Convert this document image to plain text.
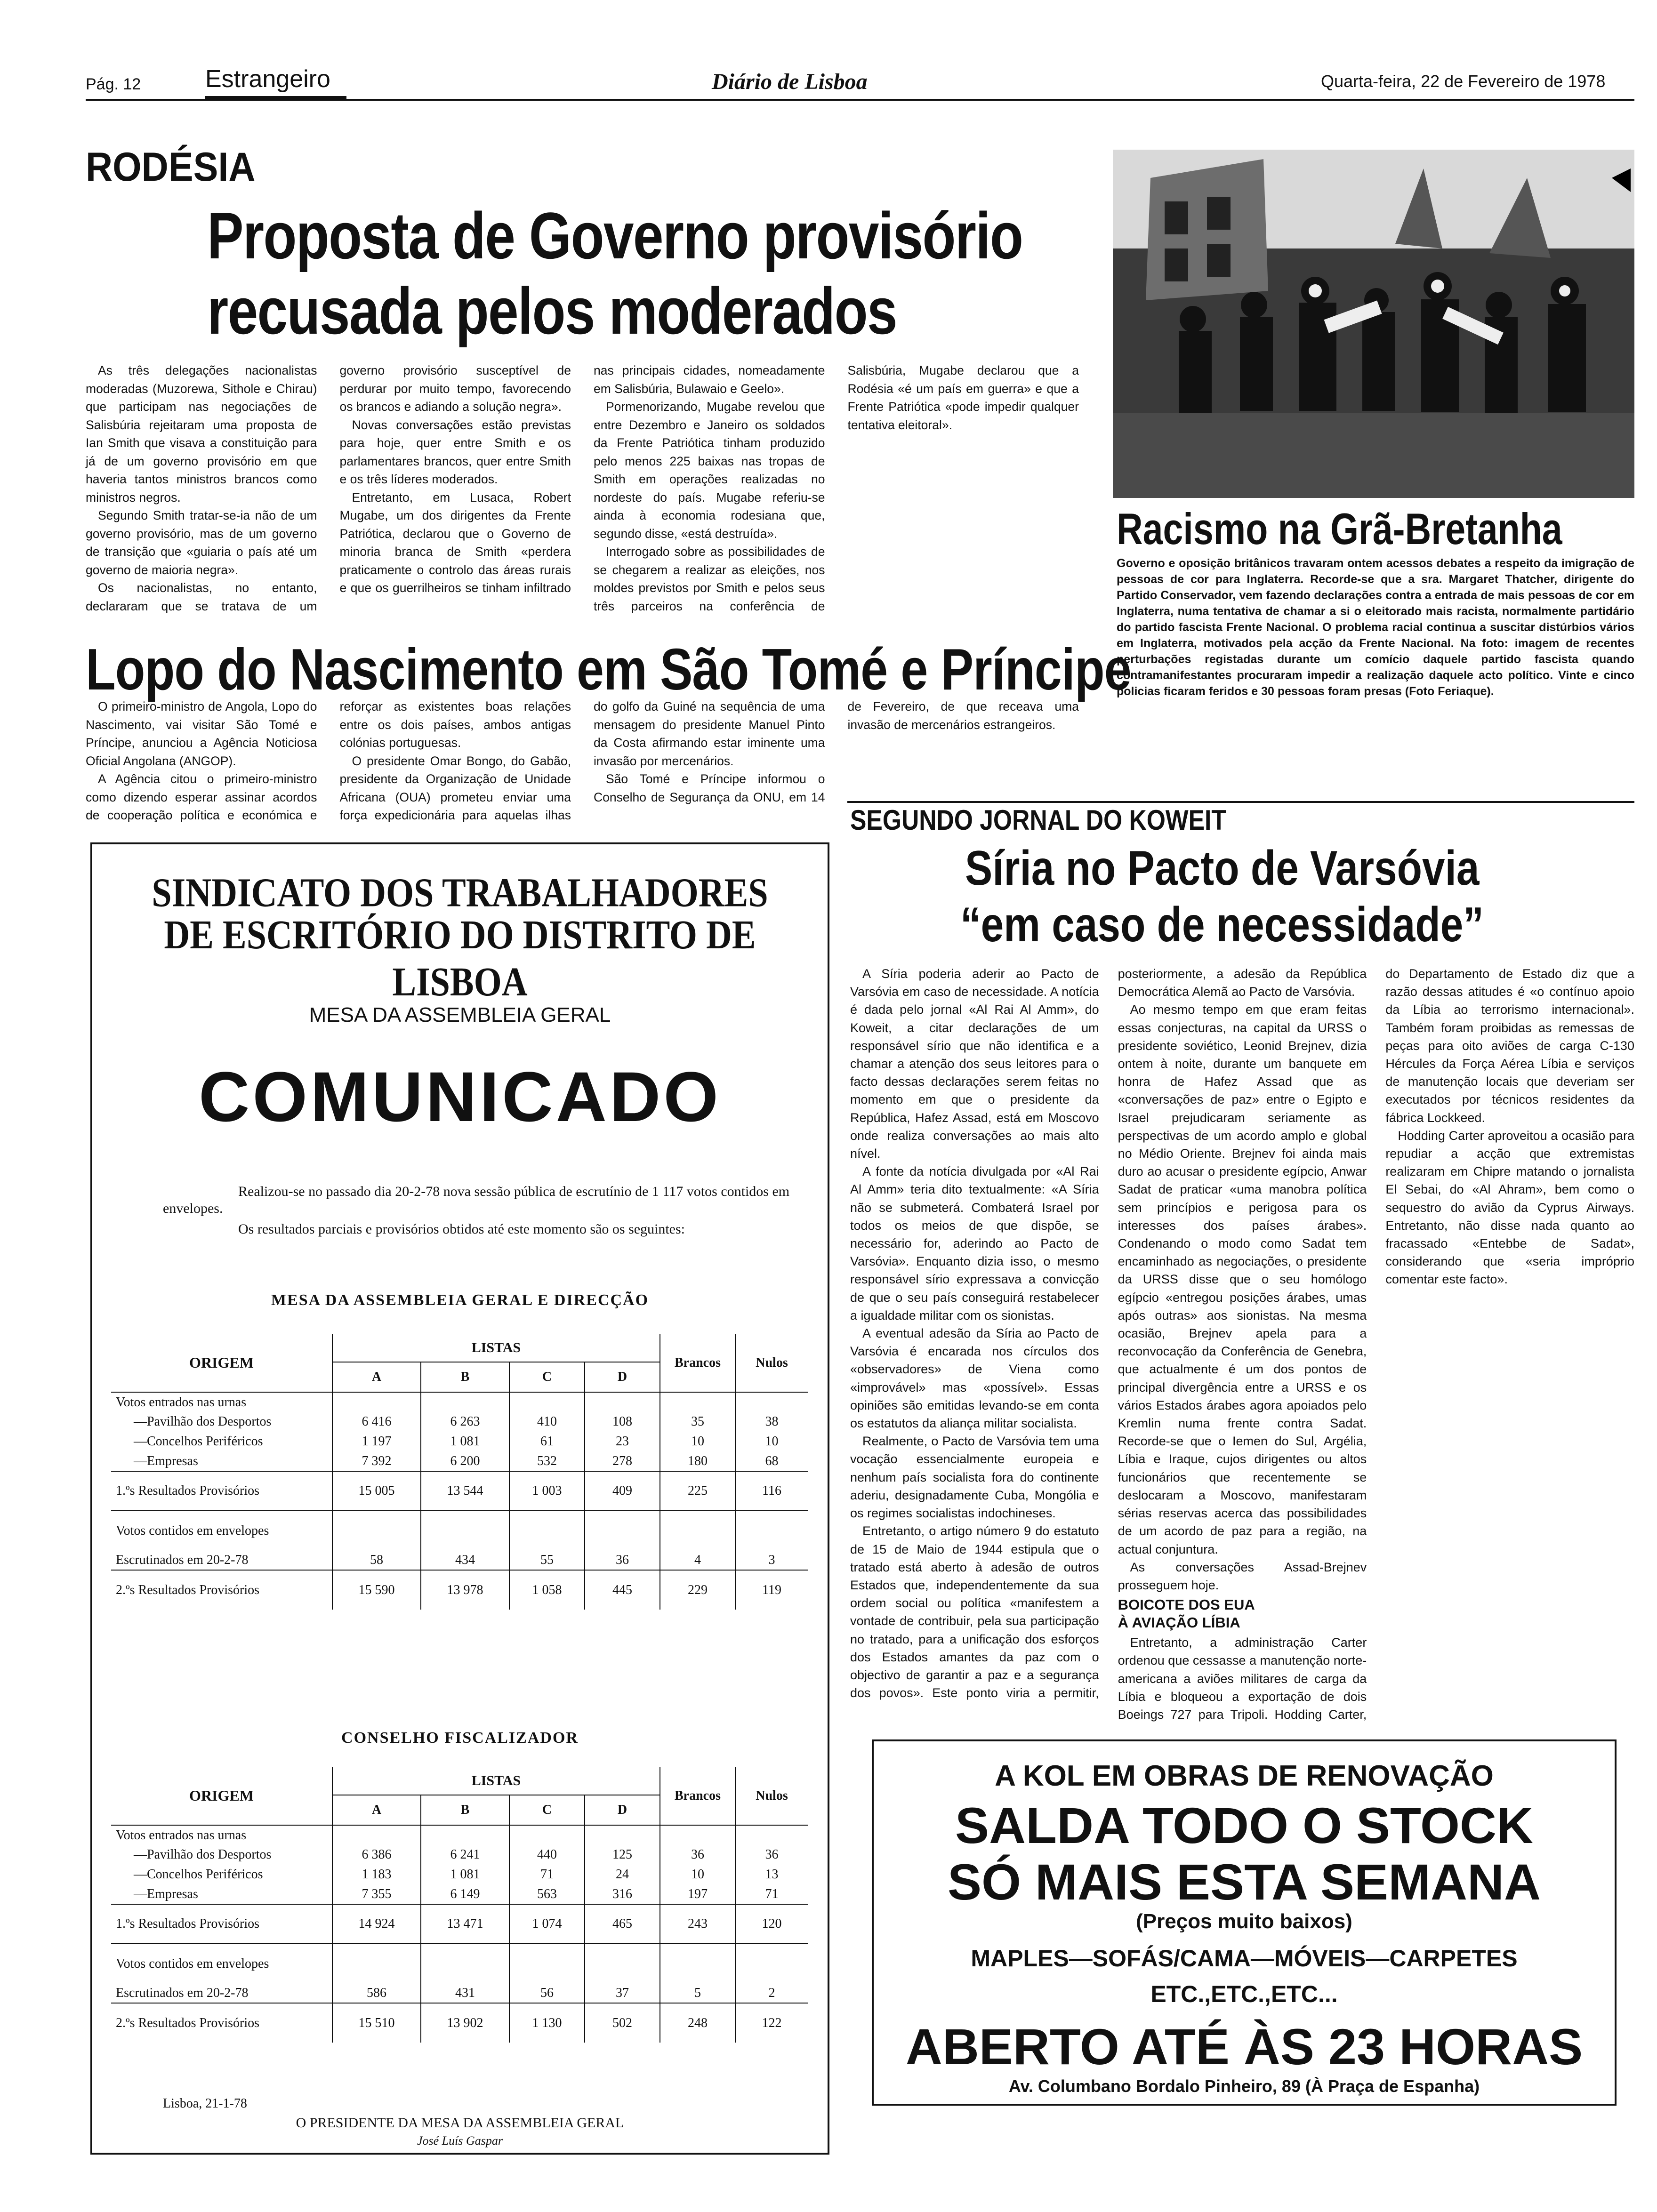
Pág. 12	Estrangeiro	Diário de Lisboa	Quarta-feira, 22 de Fevereiro de 1978
RODÉSIA
Proposta de Governo provisório
recusada pelos moderados

As três delegações nacionalistas moderadas (Muzorewa, Sithole e Chirau) que participam nas negociações de Salisbúria rejeitaram uma proposta de Ian Smith que visava a constituição para já de um governo provisório em que haveria tantos ministros brancos como ministros negros.

Segundo Smith tratar-se-ia não de um governo provisório, mas de um governo de transição que «guiaria o país até um governo de maioria negra».

Os nacionalistas, no entanto, declararam que se tratava de um governo provisório susceptível de perdurar por muito tempo, favorecendo os brancos e adiando a solução negra».

Novas conversações estão previstas para hoje, quer entre Smith e os parlamentares brancos, quer entre Smith e os três líderes moderados.

Entretanto, em Lusaca, Robert Mugabe, um dos dirigentes da Frente Patriótica, declarou que o Governo de minoria branca de Smith «perdera praticamente o controlo das áreas rurais e que os guerrilheiros se tinham infiltrado nas principais cidades, nomeadamente em Salisbúria, Bulawaio e Geelo».

Pormenorizando, Mugabe revelou que entre Dezembro e Janeiro os soldados da Frente Patriótica tinham produzido pelo menos 225 baixas nas tropas de Smith em operações realizadas no nordeste do país. Mugabe referiu-se ainda à economia rodesiana que, segundo disse, «está destruída».

Interrogado sobre as possibilidades de se chegarem a realizar as eleições, nos moldes previstos por Smith e pelos seus três parceiros na conferência de Salisbúria, Mugabe declarou que a Rodésia «é um país em guerra» e que a Frente Patriótica «pode impedir qualquer tentativa eleitoral».

Racismo na Grã-Bretanha
Governo e oposição britânicos travaram ontem acessos debates a respeito da imigração de pessoas de cor para Inglaterra. Recorde-se que a sra. Margaret Thatcher, dirigente do Partido Conservador, vem fazendo declarações contra a entrada de mais pessoas de cor em Inglaterra, numa tentativa de chamar a si o eleitorado mais racista, normalmente partidário do partido fascista Frente Nacional. O problema racial continua a suscitar distúrbios vários em Inglaterra, motivados pela acção da Frente Nacional. Na foto: imagem de recentes perturbações registadas durante um comício daquele partido fascista quando contramanifestantes procuraram impedir a realização daquele acto político. Vinte e cinco policias ficaram feridos e 30 pessoas foram presas (Foto Feriaque).
Lopo do Nascimento em São Tomé e Príncipe

O primeiro-ministro de Angola, Lopo do Nascimento, vai visitar São Tomé e Príncipe, anunciou a Agência Noticiosa Oficial Angolana (ANGOP).

A Agência citou o primeiro-ministro como dizendo esperar assinar acordos de cooperação política e económica e reforçar as existentes boas relações entre os dois países, ambos antigas colónias portuguesas.

O presidente Omar Bongo, do Gabão, presidente da Organização de Unidade Africana (OUA) prometeu enviar uma força expedicionária para aquelas ilhas do golfo da Guiné na sequência de uma mensagem do presidente Manuel Pinto da Costa afirmando estar iminente uma invasão por mercenários.

São Tomé e Príncipe informou o Conselho de Segurança da ONU, em 14 de Fevereiro, de que receava uma invasão de mercenários estrangeiros.

SINDICATO DOS TRABALHADORES
DE ESCRITÓRIO DO DISTRITO DE LISBOA
MESA DA ASSEMBLEIA GERAL
COMUNICADO
Realizou-se no passado dia 20-2-78 nova sessão pública de escrutínio de 1 117 votos contidos em envelopes.
Os resultados parciais e provisórios obtidos até este momento são os seguintes:
MESA DA ASSEMBLEIA GERAL E DIRECÇÃO
ORIGEM	LISTAS				Brancos	Nulos
	A	B	C	D		
Votos entrados nas urnas						
—Pavilhão dos Desportos	6 416	6 263	410	108	35	38
—Concelhos Periféricos	1 197	1 081	61	23	10	10
—Empresas	7 392	6 200	532	278	180	68
1.ºs Resultados Provisórios	15 005	13 544	1 003	409	225	116
Votos contidos em envelopes						
Escrutinados em 20-2-78	58	434	55	36	4	3
2.ºs Resultados Provisórios	15 590	13 978	1 058	445	229	119
CONSELHO FISCALIZADOR
ORIGEM	LISTAS				Brancos	Nulos
	A	B	C	D		
Votos entrados nas urnas						
—Pavilhão dos Desportos	6 386	6 241	440	125	36	36
—Concelhos Periféricos	1 183	1 081	71	24	10	13
—Empresas	7 355	6 149	563	316	197	71
1.ºs Resultados Provisórios	14 924	13 471	1 074	465	243	120
Votos contidos em envelopes						
Escrutinados em 20-2-78	586	431	56	37	5	2
2.ºs Resultados Provisórios	15 510	13 902	1 130	502	248	122
Lisboa, 21-1-78
O PRESIDENTE DA MESA DA ASSEMBLEIA GERAL
José Luís Gaspar
SEGUNDO JORNAL DO KOWEIT
Síria no Pacto de Varsóvia
“em caso de necessidade”

A Síria poderia aderir ao Pacto de Varsóvia em caso de necessidade. A notícia é dada pelo jornal «Al Rai Al Amm», do Koweit, a citar declarações de um responsável sírio que não identifica e a chamar a atenção dos seus leitores para o facto dessas declarações serem feitas no momento em que o presidente da República, Hafez Assad, está em Moscovo onde realiza conversações ao mais alto nível.

A fonte da notícia divulgada por «Al Rai Al Amm» teria dito textualmente: «A Síria não se submeterá. Combaterá Israel por todos os meios de que dispõe, se necessário for, aderindo ao Pacto de Varsóvia». Enquanto dizia isso, o mesmo responsável sírio expressava a convicção de que o seu país conseguirá restabelecer a igualdade militar com os sionistas.

A eventual adesão da Síria ao Pacto de Varsóvia é encarada nos círculos dos «observadores» de Viena como «improvável» mas «possível». Essas opiniões são emitidas levando-se em conta os estatutos da aliança militar socialista.

Realmente, o Pacto de Varsóvia tem uma vocação essencialmente europeia e nenhum país socialista fora do continente aderiu, designadamente Cuba, Mongólia e os regimes socialistas indochineses.

Entretanto, o artigo número 9 do estatuto de 15 de Maio de 1944 estipula que o tratado está aberto à adesão de outros Estados que, independentemente da sua ordem social ou política «manifestem a vontade de contribuir, pela sua participação no tratado, para a unificação dos esforços dos Estados amantes da paz com o objectivo de garantir a paz e a segurança dos povos». Este ponto viria a permitir, posteriormente, a adesão da República Democrática Alemã ao Pacto de Varsóvia.

Ao mesmo tempo em que eram feitas essas conjecturas, na capital da URSS o presidente soviético, Leonid Brejnev, dizia ontem à noite, durante um banquete em honra de Hafez Assad que as «conversações de paz» entre o Egipto e Israel prejudicaram seriamente as perspectivas de um acordo amplo e global no Médio Oriente. Brejnev foi ainda mais duro ao acusar o presidente egípcio, Anwar Sadat de praticar «uma manobra política sem princípios e perigosa para os interesses dos países árabes». Condenando o modo como Sadat tem encaminhado as negociações, o presidente da URSS disse que o seu homólogo egípcio «entregou posições árabes, umas após outras» aos sionistas. Na mesma ocasião, Brejnev apela para a reconvocação da Conferência de Genebra, que actualmente é um dos pontos de principal divergência entre a URSS e os vários Estados árabes agora apoiados pelo Kremlin numa frente contra Sadat. Recorde-se que o Iemen do Sul, Argélia, Líbia e Iraque, cujos dirigentes ou altos funcionários que recentemente se deslocaram a Moscovo, manifestaram sérias reservas acerca das possibilidades de um acordo de paz para a região, na actual conjuntura.

As conversações Assad-Brejnev prosseguem hoje.

BOICOTE DOS EUA
À AVIAÇÃO LÍBIA

Entretanto, a administração Carter ordenou que cessasse a manutenção norte-americana a aviões militares de carga da Líbia e bloqueou a exportação de dois Boeings 727 para Tripoli. Hodding Carter, do Departamento de Estado diz que a razão dessas atitudes é «o contínuo apoio da Líbia ao terrorismo internacional». Também foram proibidas as remessas de peças para oito aviões de carga C-130 Hércules da Força Aérea Líbia e serviços de manutenção locais que deveriam ser executados por técnicos residentes da fábrica Lockkeed.

Hodding Carter aproveitou a ocasião para repudiar a acção que extremistas realizaram em Chipre matando o jornalista El Sebai, do «Al Ahram», bem como o sequestro do avião da Cyprus Airways. Entretanto, não disse nada quanto ao fracassado «Entebbe de Sadat», considerando que «seria impróprio comentar este facto».

A KOL EM OBRAS DE RENOVAÇÃO
SALDA TODO O STOCK
SÓ MAIS ESTA SEMANA
(Preços muito baixos)
MAPLES—SOFÁS/CAMA—MÓVEIS—CARPETES
ETC.,ETC.,ETC...
ABERTO ATÉ ÀS 23 HORAS
Av. Columbano Bordalo Pinheiro, 89 (À Praça de Espanha)
